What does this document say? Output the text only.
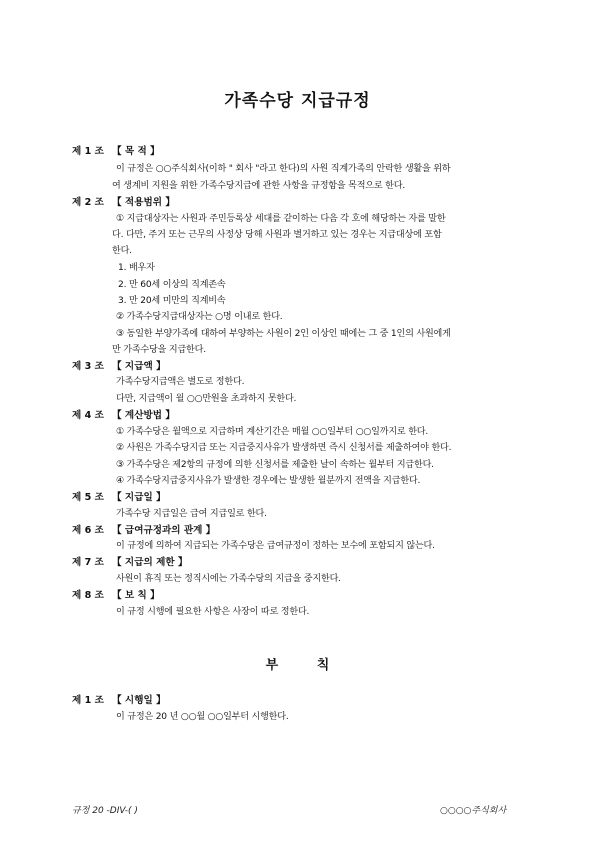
가족수당 지급규정
제 1 조 【 목 적 】
이 규정은 ○○주식회사(이하 " 회사 "라고 한다)의 사원 직계가족의 안락한 생활을 위하
여 생계비 지원을 위한 가족수당지급에 관한 사항을 규정함을 목적으로 한다.
제 2 조 【 적용범위 】
① 지급대상자는 사원과 주민등록상 세대를 같이하는 다음 각 호에 해당하는 자를 말한
다. 다만, 주거 또는 근무의 사정상 당해 사원과 별거하고 있는 경우는 지급대상에 포함
한다.
1. 배우자
2. 만 60세 이상의 직계존속
3. 만 20세 미만의 직계비속
② 가족수당지급대상자는 ○명 이내로 한다.
③ 동일한 부양가족에 대하여 부양하는 사원이 2인 이상인 때에는 그 중 1인의 사원에게
만 가족수당을 지급한다.
제 3 조 【 지급액 】
가족수당지급액은 별도로 정한다.
다만, 지급액이 월 ○○만원을 초과하지 못한다.
제 4 조 【 계산방법 】
① 가족수당은 월액으로 지급하며 계산기간은 매월 ○○일부터 ○○일까지로 한다.
② 사원은 가족수당지급 또는 지급중지사유가 발생하면 즉시 신청서를 제출하여야 한다.
③ 가족수당은 제2항의 규정에 의한 신청서를 제출한 날이 속하는 월부터 지급한다.
④ 가족수당지급중지사유가 발생한 경우에는 발생한 월분까지 전액을 지급한다.
제 5 조 【 지급일 】
가족수당 지급일은 급여 지급일로 한다.
제 6 조 【 급여규정과의 관계 】
이 규정에 의하여 지급되는 가족수당은 급여규정이 정하는 보수에 포함되지 않는다.
제 7 조 【 지급의 제한 】
사원이 휴직 또는 정직시에는 가족수당의 지급을 중지한다.
제 8 조 【 보 칙 】
이 규정 시행에 필요한 사항은 사장이 따로 정한다.
부 칙
제 1 조 【 시행일 】
이 규정은 20 년 ○○월 ○○일부터 시행한다.
규정 20 -DIV-( )	○○○○주식회사
